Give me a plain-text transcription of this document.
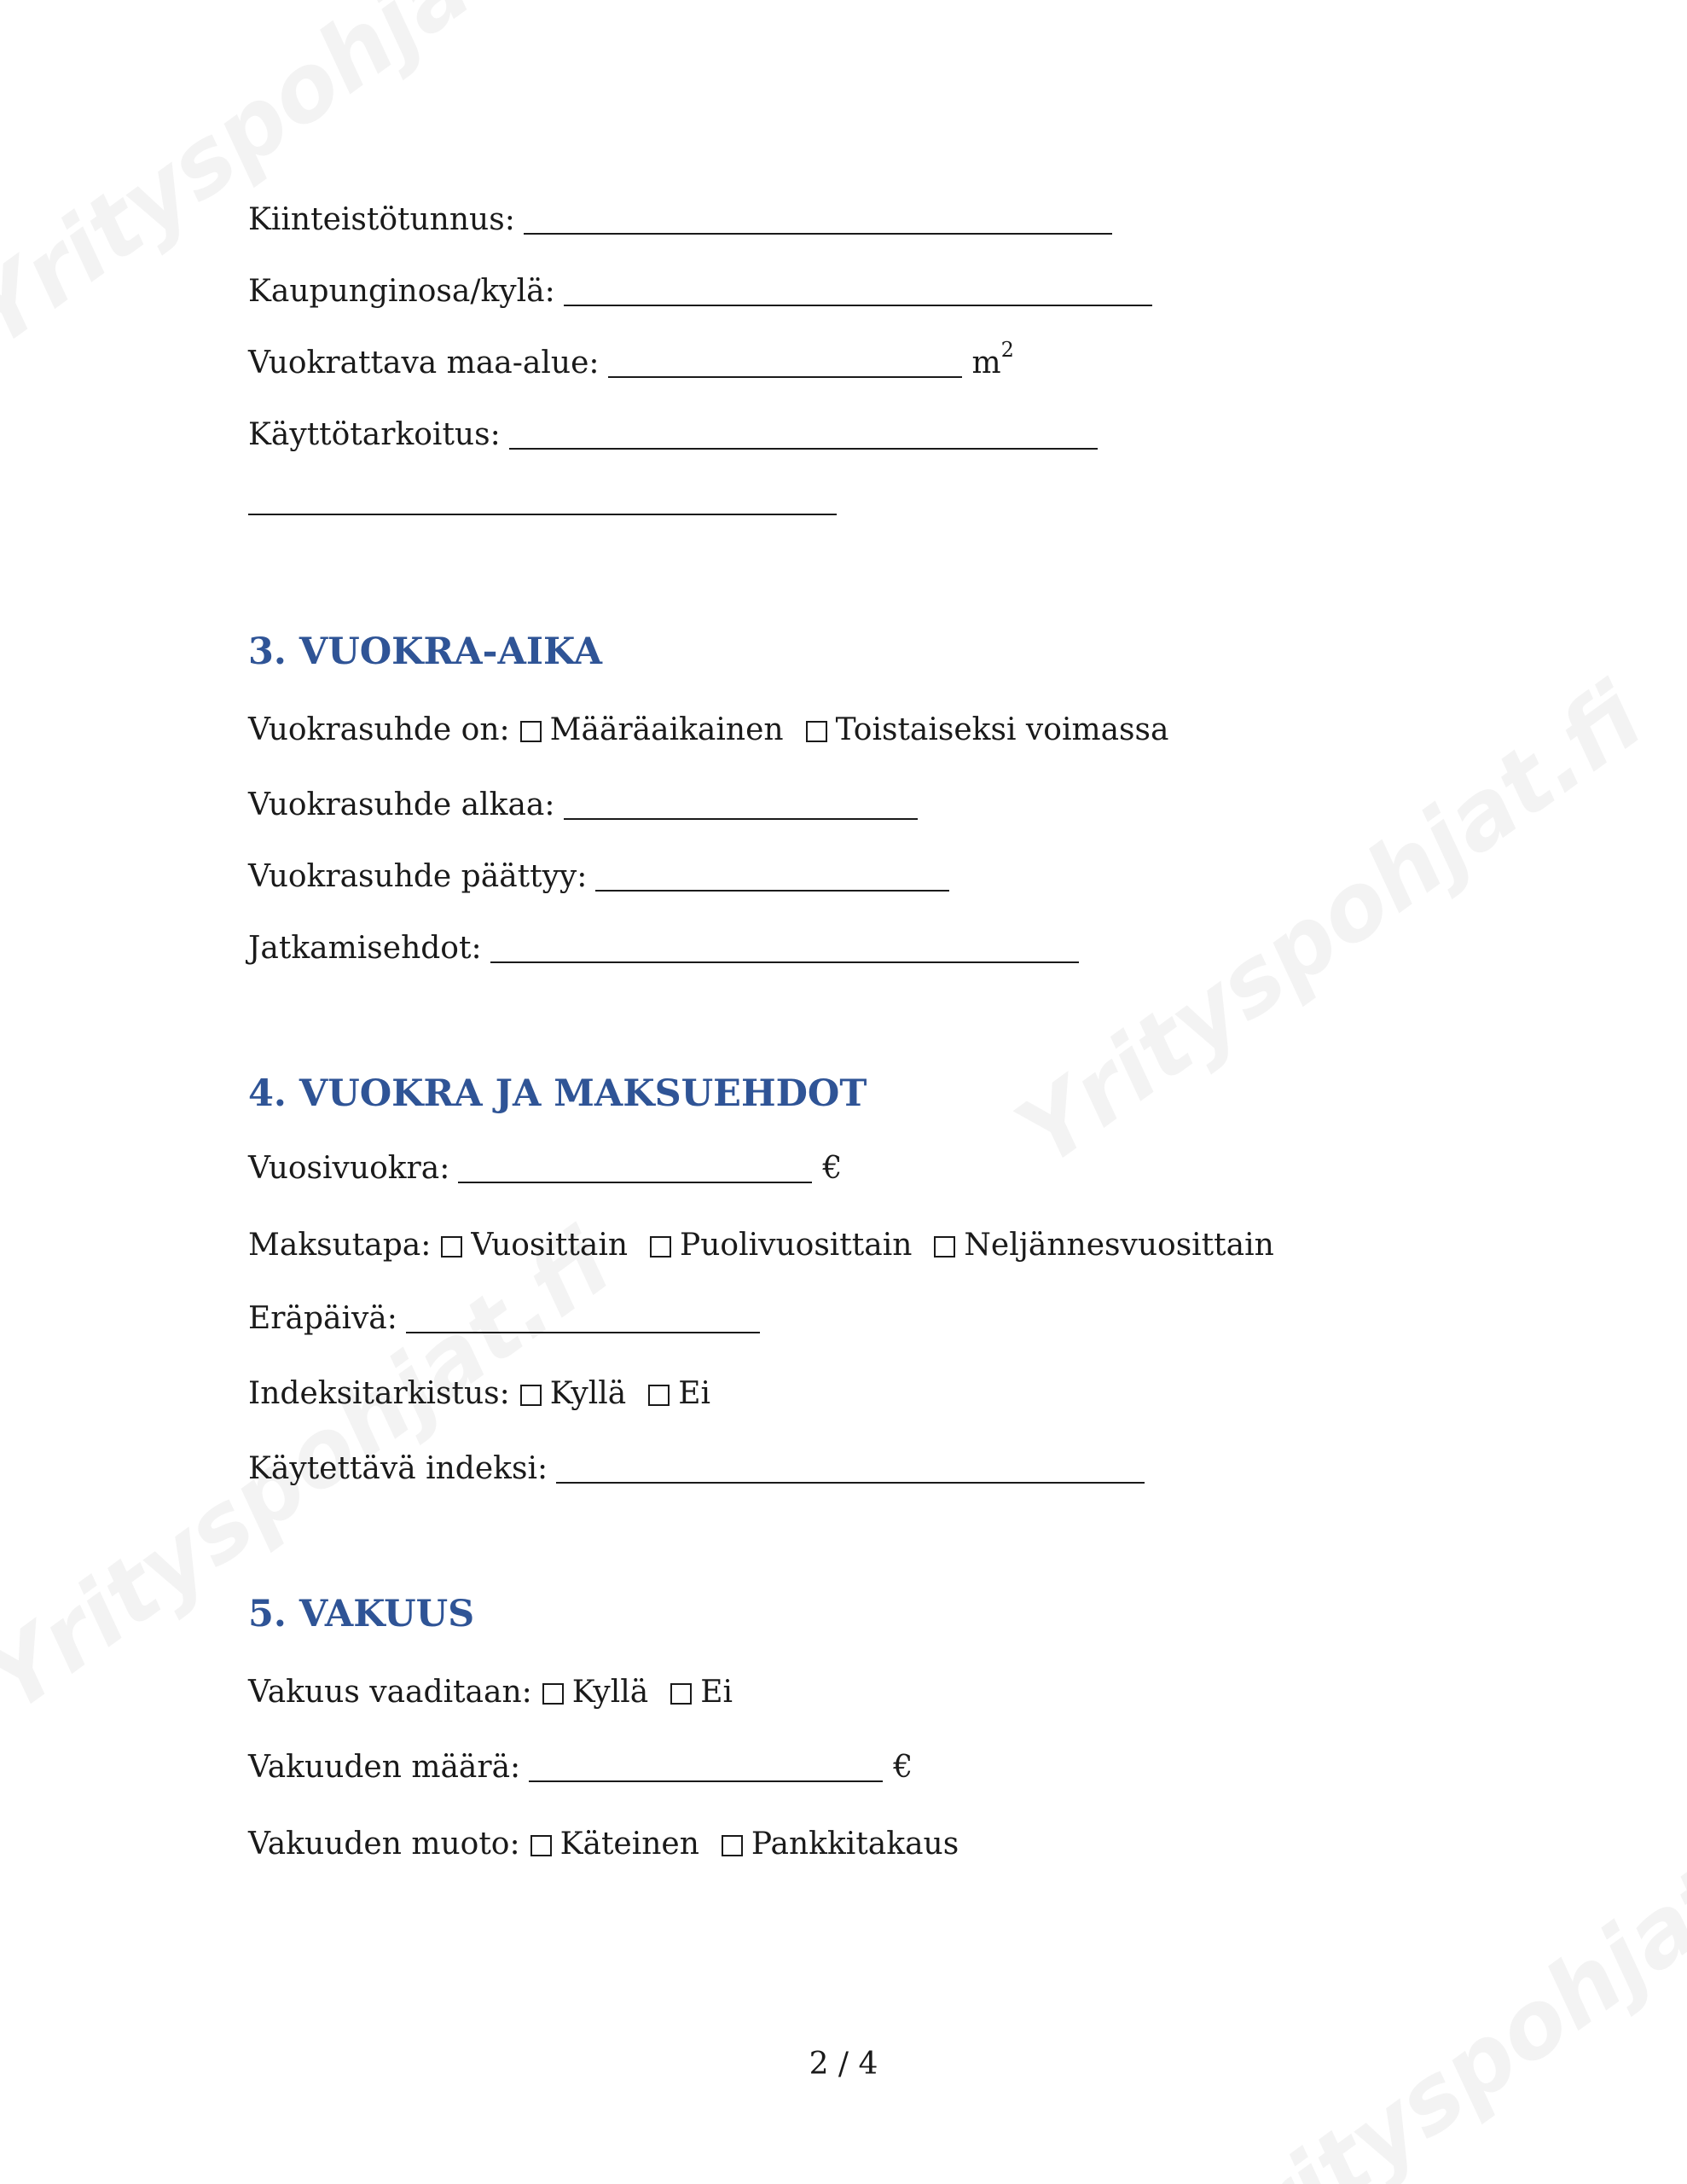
Kiinteistötunnus:
Kaupunginosa/kylä:
Vuokrattava maa-alue:	$m^2$
Käyttötarkoitus:
3. VUOKRA-AIKA
Vuokrasuhde on: Määräaikainen Toistaiseksi voimassa
Vuokrasuhde alkaa:
Vuokrasuhde päättyy:
Jatkamisehdot:
4. VUOKRA JA MAKSUEHDOT
Vuosivuokra:	€
Maksutapa: Vuosittain Puolivuosittain Neljännesvuosittain
Eräpäivä:
Indeksitarkistus: Kyllä Ei
Käytettävä indeksi:
5. VAKUUS
Vakuus vaaditaan: Kyllä Ei
Vakuuden määrä:	€
Vakuuden muoto: Käteinen Pankkitakaus
2 / 4
